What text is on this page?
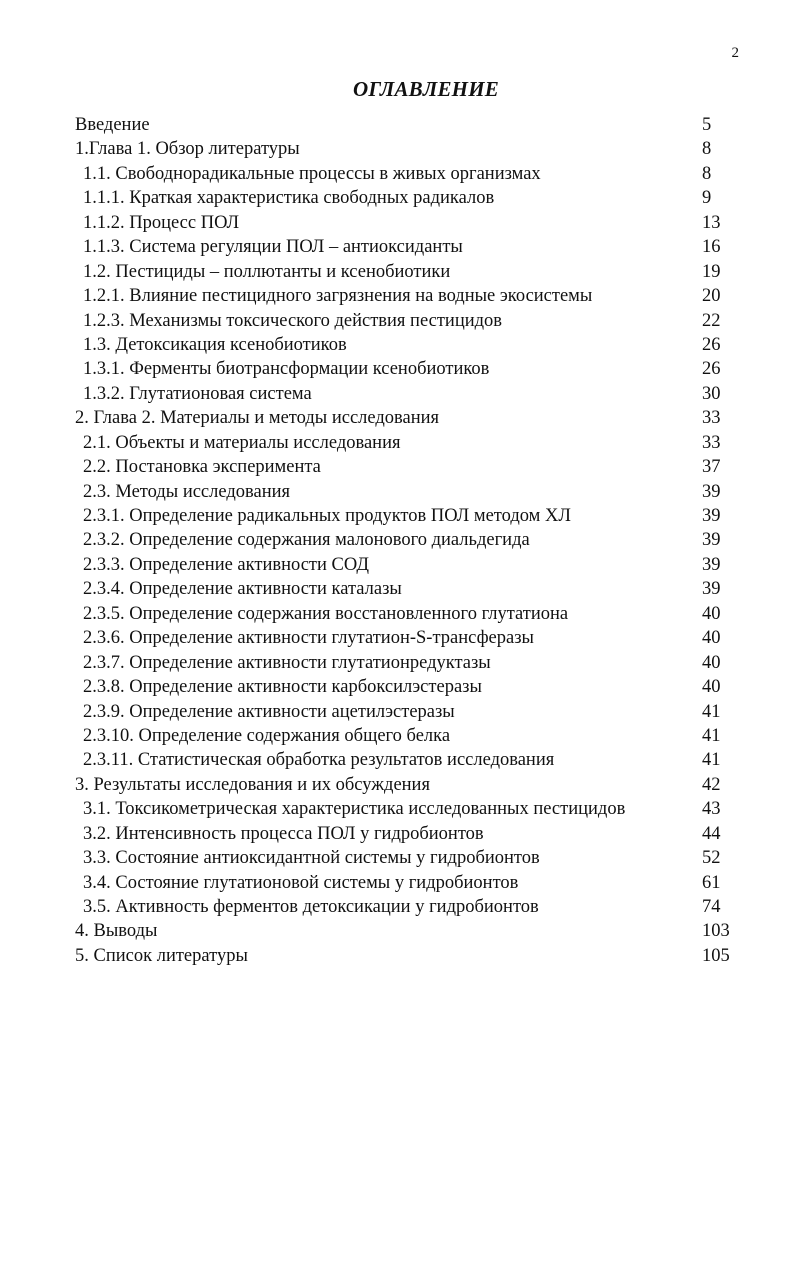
2
ОГЛАВЛЕНИЕ
Введение	5
1.Глава 1. Обзор литературы	8
1.1. Свободнорадикальные процессы в живых организмах	8
1.1.1. Краткая характеристика свободных радикалов	9
1.1.2. Процесс ПОЛ	13
1.1.3. Система регуляции ПОЛ – антиоксиданты	16
1.2. Пестициды – поллютанты и ксенобиотики	19
1.2.1. Влияние пестицидного загрязнения на водные экосистемы	20
1.2.3. Механизмы токсического действия пестицидов	22
1.3. Детоксикация ксенобиотиков	26
1.3.1. Ферменты биотрансформации ксенобиотиков	26
1.3.2. Глутатионовая система	30
2. Глава 2. Материалы и методы исследования	33
2.1. Объекты и материалы исследования	33
2.2. Постановка эксперимента	37
2.3. Методы исследования	39
2.3.1. Определение радикальных продуктов ПОЛ методом ХЛ	39
2.3.2. Определение содержания малонового диальдегида	39
2.3.3. Определение активности СОД	39
2.3.4. Определение активности каталазы	39
2.3.5. Определение содержания восстановленного глутатиона	40
2.3.6. Определение активности глутатион-S-трансферазы	40
2.3.7. Определение активности глутатионредуктазы	40
2.3.8. Определение активности карбоксилэстеразы	40
2.3.9. Определение активности ацетилэстеразы	41
2.3.10. Определение содержания общего белка	41
2.3.11. Статистическая обработка результатов исследования	41
3. Результаты исследования и их обсуждения	42
3.1. Токсикометрическая характеристика исследованных пестицидов	43
3.2. Интенсивность процесса ПОЛ у гидробионтов	44
3.3. Состояние антиоксидантной системы у гидробионтов	52
3.4. Состояние глутатионовой системы у гидробионтов	61
3.5. Активность ферментов детоксикации у гидробионтов	74
4. Выводы	103
5. Список литературы	105
